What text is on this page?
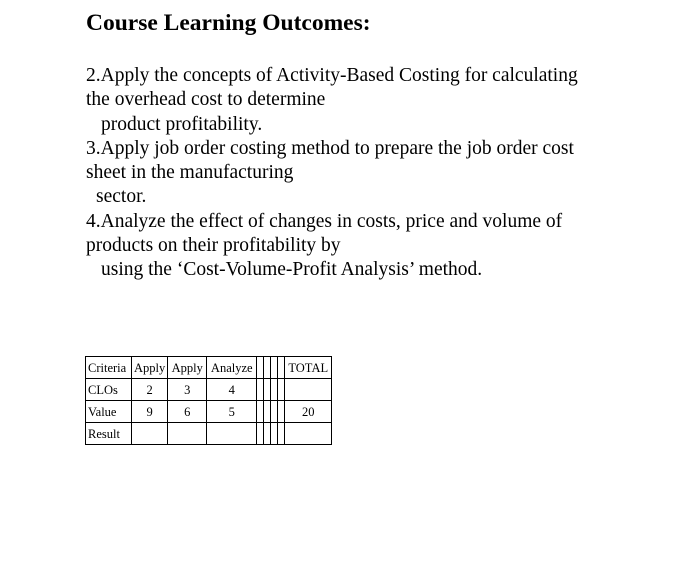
Course Learning Outcomes:
2.Apply the concepts of Activity-Based Costing for calculating
the overhead cost to determine
product profitability.
3.Apply job order costing method to prepare the job order cost
sheet in the manufacturing
sector.
4.Analyze the effect of changes in costs, price and volume of
products on their profitability by
using the ‘Cost-Volume-Profit Analysis’ method.
Criteria	Apply	Apply	Analyze					TOTAL
CLOs	2	3	4					
Value	9	6	5					20
Result								
